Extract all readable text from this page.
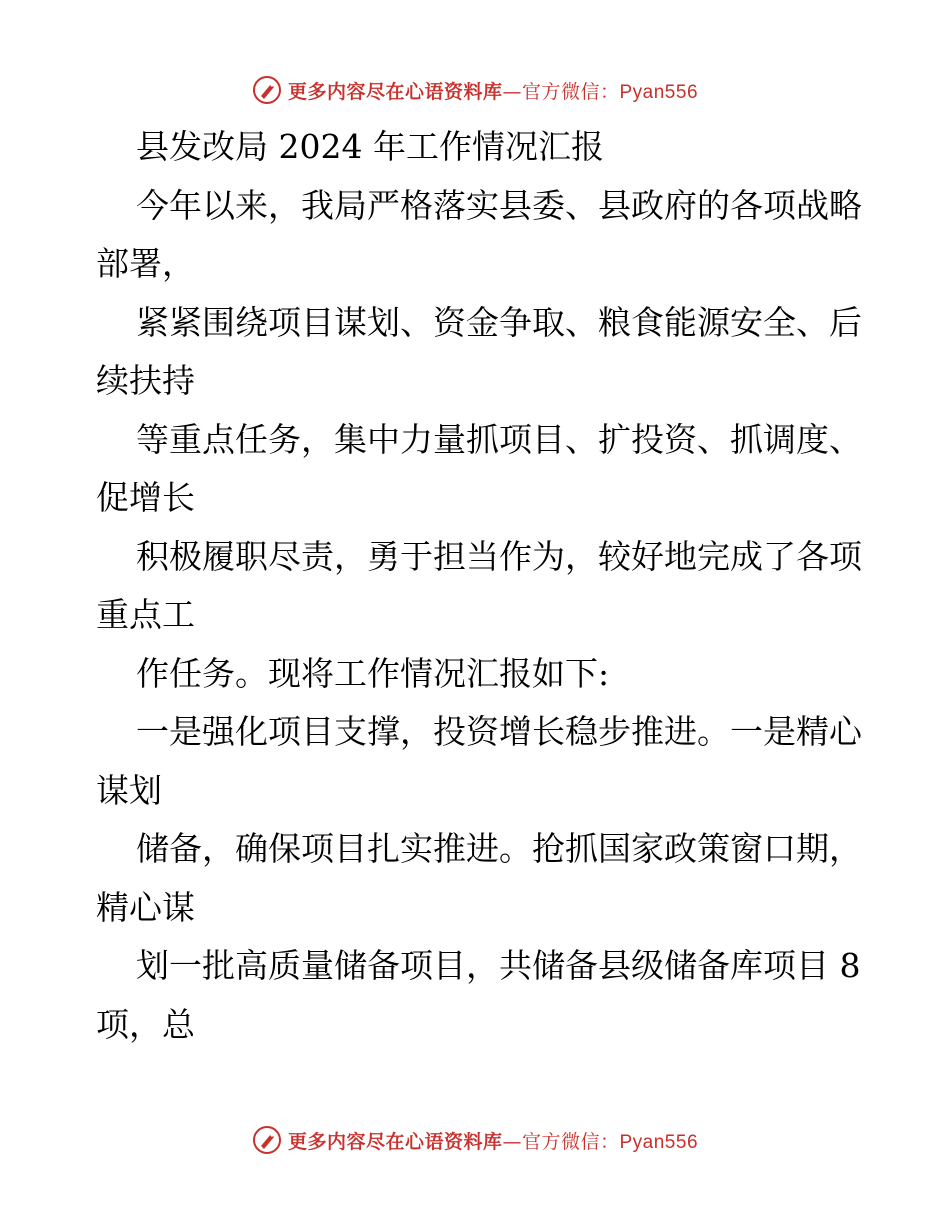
更多内容尽在心语资料库—官方微信：Pyan556

县发改局 2024 年工作情况汇报

今年以来，我局严格落实县委、县政府的各项战略部署，

紧紧围绕项目谋划、资金争取、粮食能源安全、后续扶持

等重点任务，集中力量抓项目、扩投资、抓调度、促增长

积极履职尽责，勇于担当作为，较好地完成了各项重点工

作任务。现将工作情况汇报如下:

一是强化项目支撑，投资增长稳步推进。一是精心谋划

储备，确保项目扎实推进。抢抓国家政策窗口期，精心谋

划一批高质量储备项目，共储备县级储备库项目 8 项，总

更多内容尽在心语资料库—官方微信：Pyan556
